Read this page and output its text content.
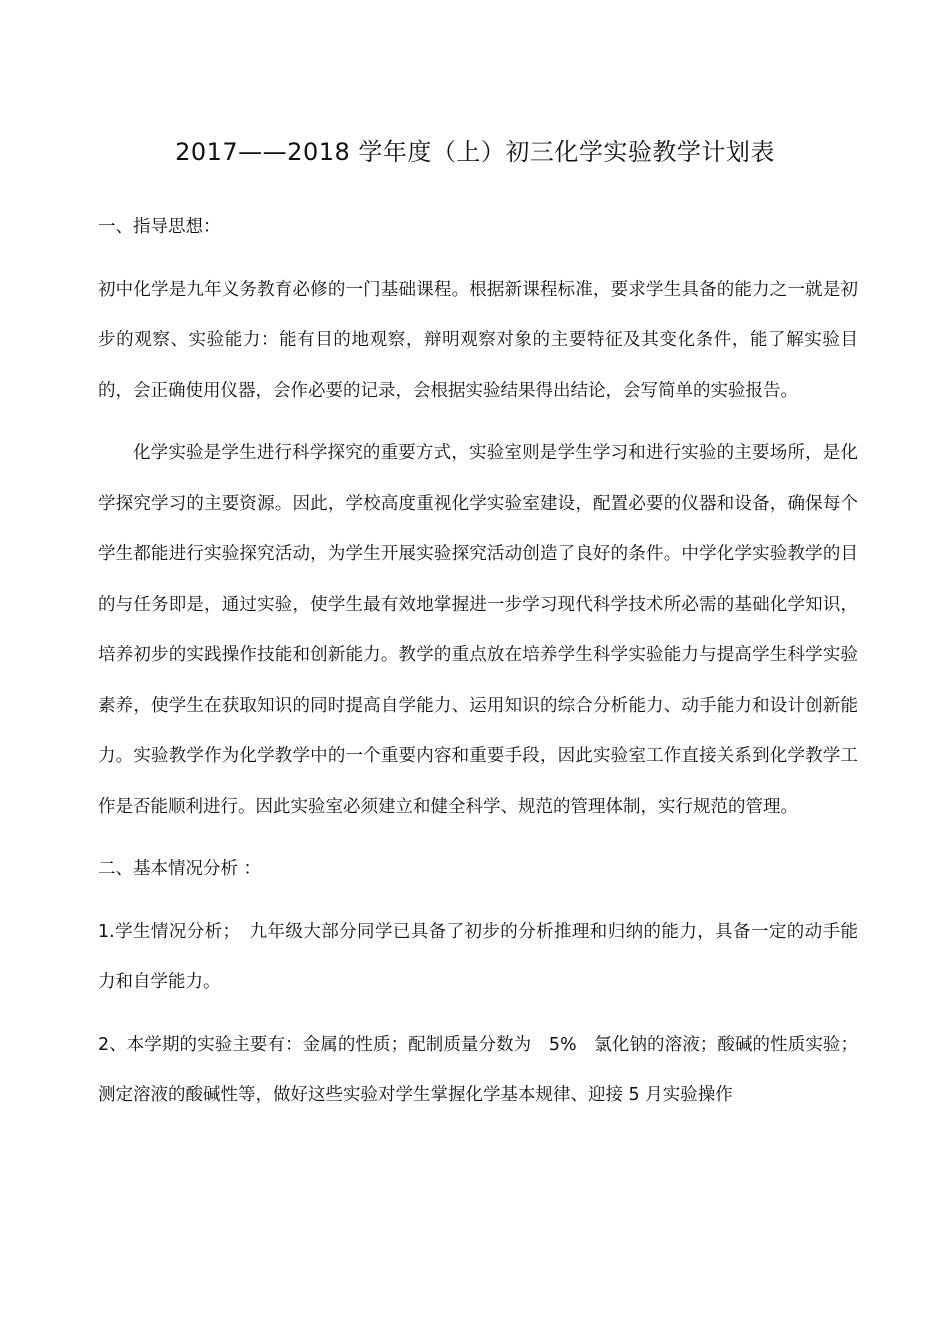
2017——2018 学年度（上）初三化学实验教学计划表
一、指导思想：
初中化学是九年义务教育必修的一门基础课程。根据新课程标准，要求学生具备的能力之一就是初步的观察、实验能力：能有目的地观察，辩明观察对象的主要特征及其变化条件，能了解实验目的，会正确使用仪器，会作必要的记录，会根据实验结果得出结论，会写简单的实验报告。
化学实验是学生进行科学探究的重要方式，实验室则是学生学习和进行实验的主要场所，是化学探究学习的主要资源。因此，学校高度重视化学实验室建设，配置必要的仪器和设备，确保每个学生都能进行实验探究活动，为学生开展实验探究活动创造了良好的条件。中学化学实验教学的目的与任务即是，通过实验，使学生最有效地掌握进一步学习现代科学技术所必需的基础化学知识，培养初步的实践操作技能和创新能力。教学的重点放在培养学生科学实验能力与提高学生科学实验素养，使学生在获取知识的同时提高自学能力、运用知识的综合分析能力、动手能力和设计创新能力。实验教学作为化学教学中的一个重要内容和重要手段，因此实验室工作直接关系到化学教学工作是否能顺利进行。因此实验室必须建立和健全科学、规范的管理体制，实行规范的管理。
二、基本情况分析 ：
1.学生情况分析；　九年级大部分同学已具备了初步的分析推理和归纳的能力，具备一定的动手能力和自学能力。
2、本学期的实验主要有：金属的性质；配制质量分数为　5%　氯化钠的溶液；酸碱的性质实验；测定溶液的酸碱性等，做好这些实验对学生掌握化学基本规律、迎接 5 月实验操作
